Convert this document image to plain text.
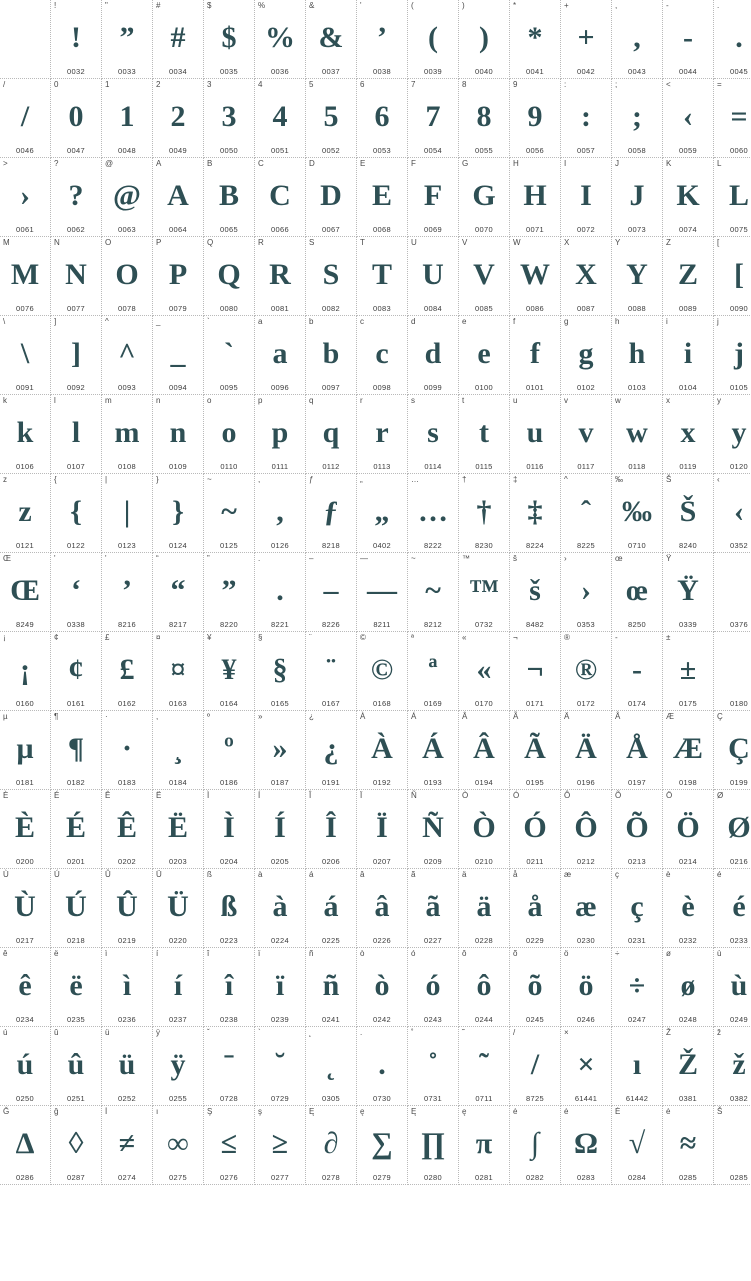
!
!
0032

"
”
0033

#
#
0034

$
$
0035

%
%
0036

&
&
0037

'
’
0038

(
(
0039

)
)
0040

*
*
0041

+
+
0042

,
,
0043

-
-
0044

.
.
0045

/
/
0046

0
0
0047

1
1
0048

2
2
0049

3
3
0050

4
4
0051

5
5
0052

6
6
0053

7
7
0054

8
8
0055

9
9
0056

:
:
0057

;
;
0058

<
‹
0059

=
=
0060

>
›
0061

?
?
0062

@
@
0063

A
A
0064

B
B
0065

C
C
0066

D
D
0067

E
E
0068

F
F
0069

G
G
0070

H
H
0071

I
I
0072

J
J
0073

K
K
0074

L
L
0075

M
M
0076

N
N
0077

O
O
0078

P
P
0079

Q
Q
0080

R
R
0081

S
S
0082

T
T
0083

U
U
0084

V
V
0085

W
W
0086

X
X
0087

Y
Y
0088

Z
Z
0089

[
[
0090

\
\
0091

]
]
0092

^
^
0093

_
_
0094

`
`
0095

a
a
0096

b
b
0097

c
c
0098

d
d
0099

e
e
0100

f
f
0101

g
g
0102

h
h
0103

i
i
0104

j
j
0105

k
k
0106

l
l
0107

m
m
0108

n
n
0109

o
o
0110

p
p
0111

q
q
0112

r
r
0113

s
s
0114

t
t
0115

u
u
0116

v
v
0117

w
w
0118

x
x
0119

y
y
0120

z
z
0121

{
{
0122

|
|
0123

}
}
0124

~
~
0125

,
,
0126

ƒ
ƒ
8218

„
„
0402

…
…
8222

†
†
8230

‡
‡
8224

^
ˆ
8225

‰
‰
0710

Š
Š
8240

‹
‹
0352

Œ
Œ
8249

'
‘
0338

'
’
8216

“
“
8217

”
”
8220

.
.
8221

–
–
8226

—
—
8211

~
~
8212

™
™
0732

š
š
8482

›
›
0353

œ
œ
8250

Ÿ
Ÿ
0339	0376

¡
¡
0160

¢
¢
0161

£
£
0162

¤
¤
0163

¥
¥
0164

§
§
0165

¨
¨
0167

©
©
0168

ª
ª
0169

«
«
0170

¬
¬
0171

®
®
0172

-
-
0174

±
±
0175	0180

µ
µ
0181

¶
¶
0182

·
·
0183

,
¸
0184

º
º
0186

»
»
0187

¿
¿
0191

À
À
0192

Á
Á
0193

Â
Â
0194

Ã
Ã
0195

Ä
Ä
0196

Å
Å
0197

Æ
Æ
0198

Ç
Ç
0199

È
È
0200

É
É
0201

Ê
Ê
0202

Ë
Ë
0203

Ì
Ì
0204

Í
Í
0205

Î
Î
0206

Ï
Ï
0207

Ñ
Ñ
0209

Ò
Ò
0210

Ó
Ó
0211

Ô
Ô
0212

Õ
Õ
0213

Ö
Ö
0214

Ø
Ø
0216

Ù
Ù
0217

Ú
Ú
0218

Û
Û
0219

Ü
Ü
0220

ß
ß
0223

à
à
0224

á
á
0225

â
â
0226

ã
ã
0227

ä
ä
0228

å
å
0229

æ
æ
0230

ç
ç
0231

è
è
0232

é
é
0233

ê
ê
0234

ë
ë
0235

ì
ì
0236

í
í
0237

î
î
0238

ï
ï
0239

ñ
ñ
0241

ò
ò
0242

ó
ó
0243

ô
ô
0244

õ
õ
0245

ö
ö
0246

÷
÷
0247

ø
ø
0248

ù
ù
0249

ú
ú
0250

û
û
0251

ü
ü
0252

ÿ
ÿ
0255

ˇ
ˉ
0728

`
˘
0729

˛
˛
0305

.
.
0730

˚
˚
0731

˜
˜
0711

/
/
8725

×
×
61441

ı
61442

Ž
Ž
0381

ž
ž
0382

Ğ
Δ
0286

ğ
◊
0287

İ
≠
0274

ı
∞
0275

Ş
≤
0276

ş
≥
0277

Ę
∂
0278

ę
∑
0279

Ę
∏
0280

ę
π
0281

ė
∫
0282

ė
Ω
0283

Ė
√
0284

ė
≈
0285

Š
0285
